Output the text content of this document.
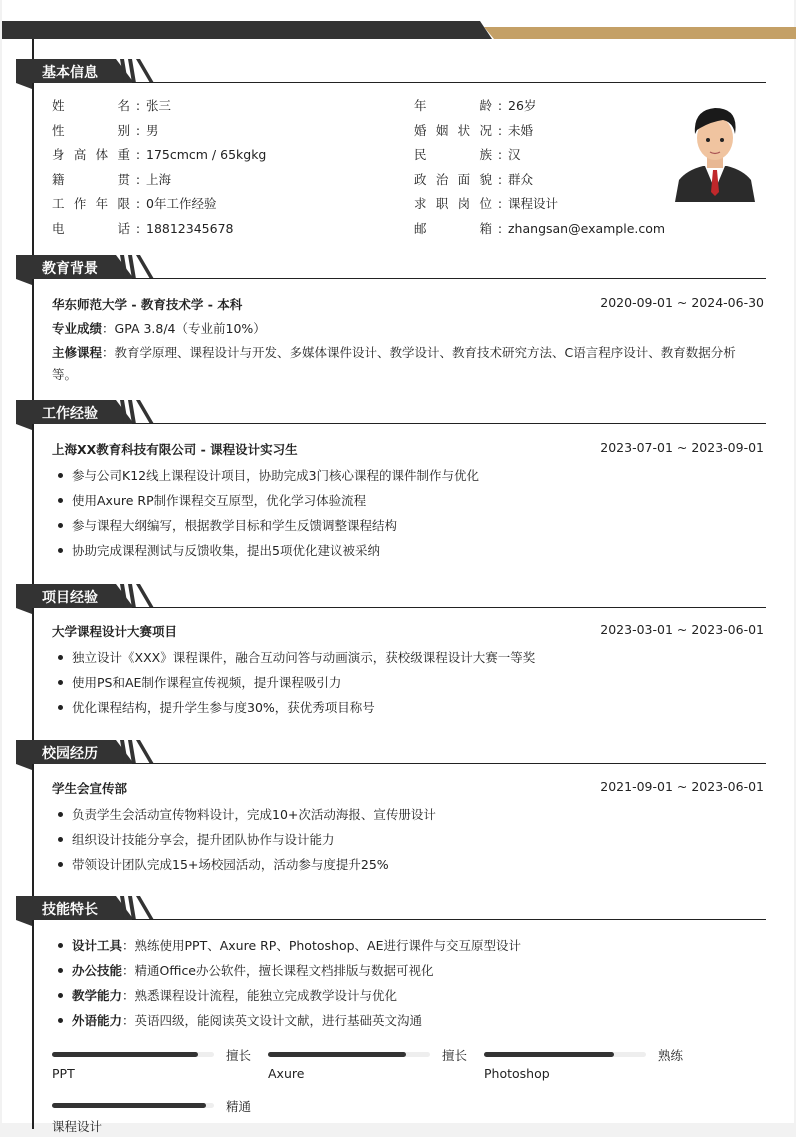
基本信息
教育背景
工作经验
项目经验
校园经历
技能特长
姓名 : 张三	年龄 : 26岁
性别 : 男	婚姻状况 : 未婚
身高体重 : 175cmcm / 65kgkg	民族 : 汉
籍贯 : 上海	政治面貌 : 群众
工作年限 : 0年工作经验	求职岗位 : 课程设计
电话 : 18812345678	邮箱 : zhangsan@example.com
华东师范大学 - 教育技术学 - 本科	2020-09-01 ~ 2024-06-30
专业成绩：GPA 3.8/4（专业前10%）
主修课程：教育学原理、课程设计与开发、多媒体课件设计、教学设计、教育技术研究方法、C语言程序设计、教育数据分析
等。
上海XX教育科技有限公司 - 课程设计实习生	2023-07-01 ~ 2023-09-01
参与公司K12线上课程设计项目，协助完成3门核心课程的课件制作与优化
使用Axure RP制作课程交互原型，优化学习体验流程
参与课程大纲编写，根据教学目标和学生反馈调整课程结构
协助完成课程测试与反馈收集，提出5项优化建议被采纳
大学课程设计大赛项目	2023-03-01 ~ 2023-06-01
独立设计《XXX》课程课件，融合互动问答与动画演示，获校级课程设计大赛一等奖
使用PS和AE制作课程宣传视频，提升课程吸引力
优化课程结构，提升学生参与度30%，获优秀项目称号
学生会宣传部	2021-09-01 ~ 2023-06-01
负责学生会活动宣传物料设计，完成10+次活动海报、宣传册设计
组织设计技能分享会，提升团队协作与设计能力
带领设计团队完成15+场校园活动，活动参与度提升25%
设计工具：熟练使用PPT、Axure RP、Photoshop、AE进行课件与交互原型设计
办公技能：精通Office办公软件，擅长课程文档排版与数据可视化
教学能力：熟悉课程设计流程，能独立完成教学设计与优化
外语能力：英语四级，能阅读英文设计文献，进行基础英文沟通
擅长
PPT
擅长
Axure
熟练
Photoshop
精通
课程设计
